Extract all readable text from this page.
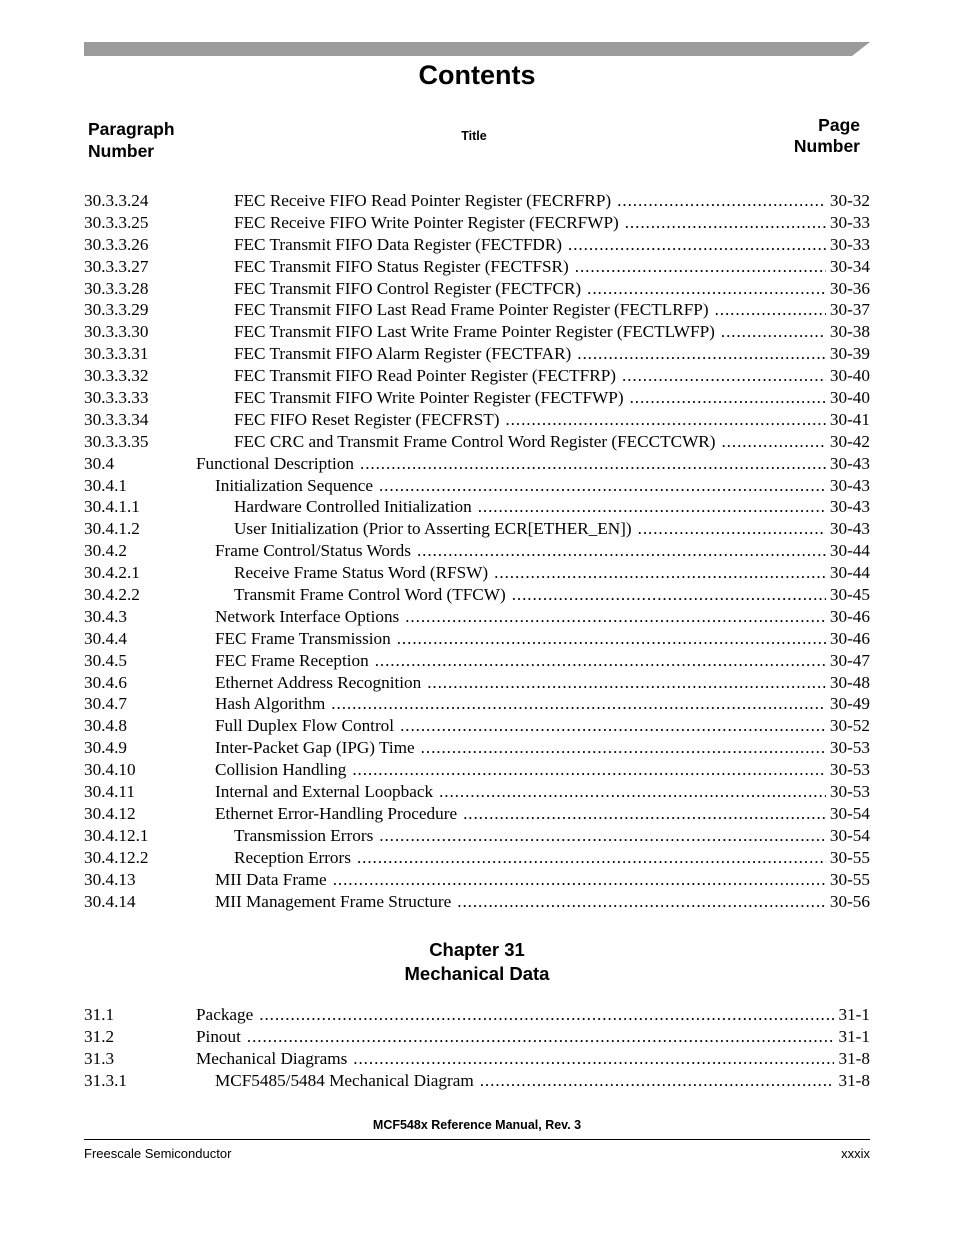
Contents
Paragraph
Number
Title
Page
Number
30.3.3.24	FEC Receive FIFO Read Pointer Register (FECRFRP) .....	30-32
30.3.3.25	FEC Receive FIFO Write Pointer Register (FECRFWP) .....	30-33
30.3.3.26	FEC Transmit FIFO Data Register (FECTFDR) .....	30-33
30.3.3.27	FEC Transmit FIFO Status Register (FECTFSR) .....	30-34
30.3.3.28	FEC Transmit FIFO Control Register (FECTFCR) .....	30-36
30.3.3.29	FEC Transmit FIFO Last Read Frame Pointer Register (FECTLRFP) .....	30-37
30.3.3.30	FEC Transmit FIFO Last Write Frame Pointer Register (FECTLWFP) .....	30-38
30.3.3.31	FEC Transmit FIFO Alarm Register (FECTFAR) .....	30-39
30.3.3.32	FEC Transmit FIFO Read Pointer Register (FECTFRP) .....	30-40
30.3.3.33	FEC Transmit FIFO Write Pointer Register (FECTFWP) .....	30-40
30.3.3.34	FEC FIFO Reset Register (FECFRST) .....	30-41
30.3.3.35	FEC CRC and Transmit Frame Control Word Register (FECCTCWR) .....	30-42
30.4	Functional Description .....	30-43
30.4.1	Initialization Sequence .....	30-43
30.4.1.1	Hardware Controlled Initialization .....	30-43
30.4.1.2	User Initialization (Prior to Asserting ECR[ETHER_EN]) .....	30-43
30.4.2	Frame Control/Status Words .....	30-44
30.4.2.1	Receive Frame Status Word (RFSW) .....	30-44
30.4.2.2	Transmit Frame Control Word (TFCW) .....	30-45
30.4.3	Network Interface Options .....	30-46
30.4.4	FEC Frame Transmission .....	30-46
30.4.5	FEC Frame Reception .....	30-47
30.4.6	Ethernet Address Recognition .....	30-48
30.4.7	Hash Algorithm .....	30-49
30.4.8	Full Duplex Flow Control .....	30-52
30.4.9	Inter-Packet Gap (IPG) Time .....	30-53
30.4.10	Collision Handling .....	30-53
30.4.11	Internal and External Loopback .....	30-53
30.4.12	Ethernet Error-Handling Procedure .....	30-54
30.4.12.1	Transmission Errors .....	30-54
30.4.12.2	Reception Errors .....	30-55
30.4.13	MII Data Frame .....	30-55
30.4.14	MII Management Frame Structure .....	30-56
Chapter 31
Mechanical Data
31.1	Package .....	31-1
31.2	Pinout .....	31-1
31.3	Mechanical Diagrams .....	31-8
31.3.1	MCF5485/5484 Mechanical Diagram .....	31-8
MCF548x Reference Manual, Rev. 3
Freescale Semiconductor	xxxix
